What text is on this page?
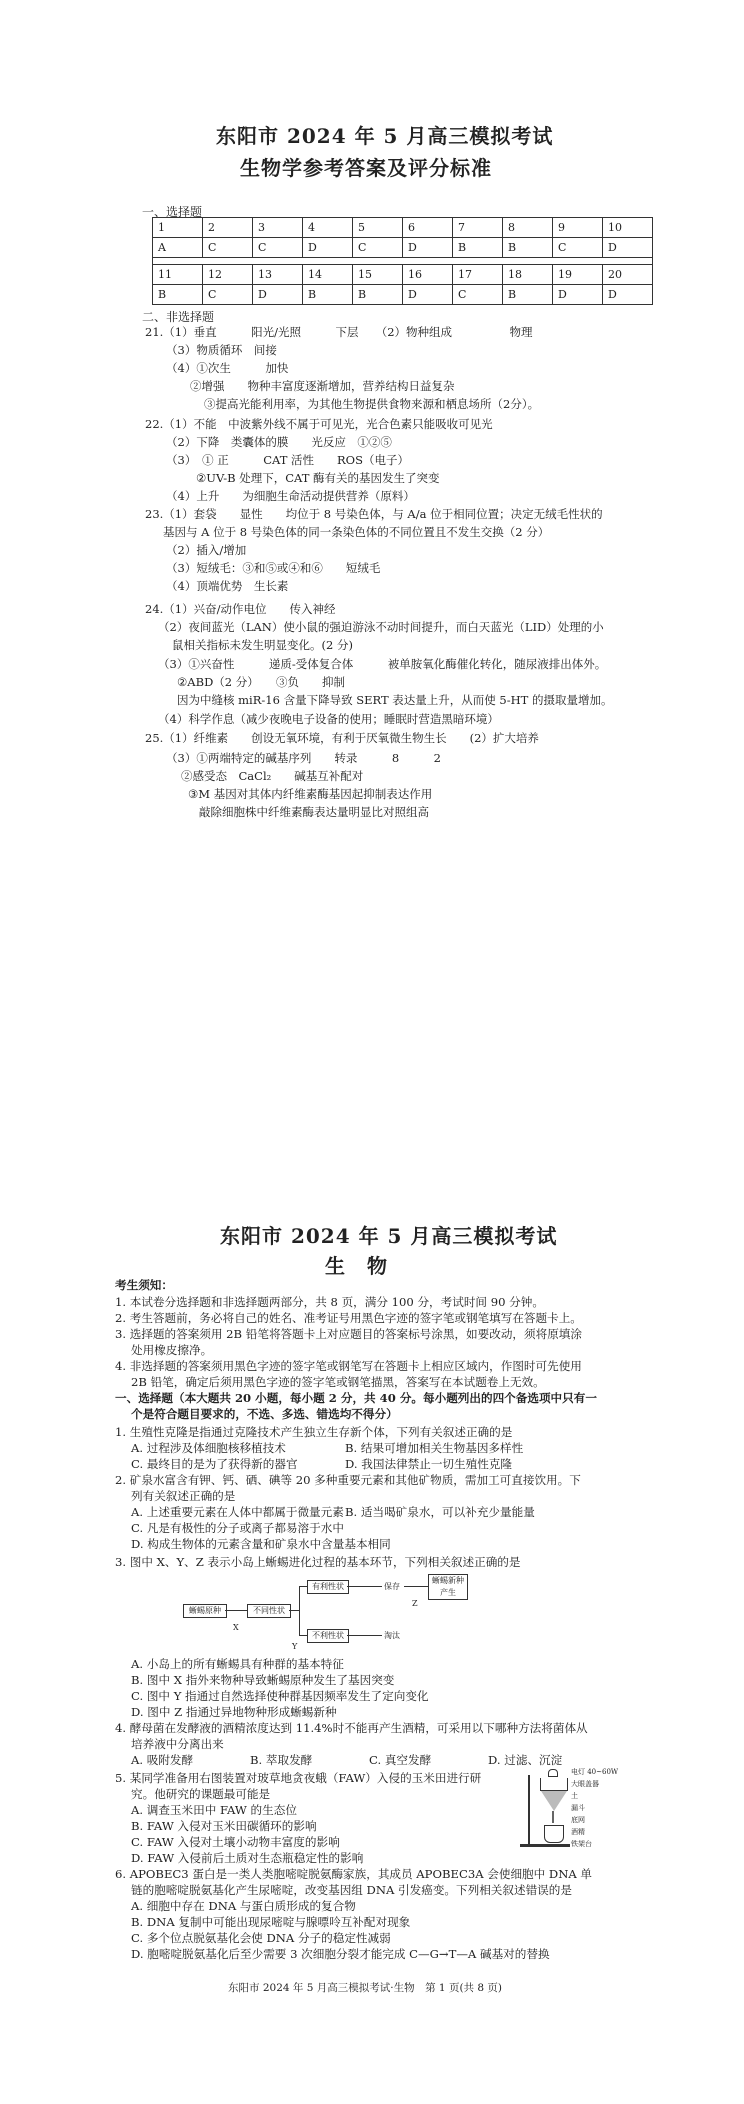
东阳市 2024 年 5 月高三模拟考试
生物学参考答案及评分标准
一、选择题
1	2	3	4	5	6	7	8	9	10
A	C	C	D	C	D	B	B	C	D

11	12	13	14	15	16	17	18	19	20
B	C	D	B	B	D	C	B	D	D
二、非选择题
21.（1）垂直　　　阳光/光照　　　下层　　（2）物种组成　　　　　物理
（3）物质循环　间接
（4）①次生　　　加快
②增强　　物种丰富度逐渐增加，营养结构日益复杂
③提高光能利用率，为其他生物提供食物来源和栖息场所（2分）。
22.（1）不能　中波紫外线不属于可见光，光合色素只能吸收可见光
（2）下降　类囊体的膜　　光反应　①②⑤
（3）　① 正　　　CAT 活性　　ROS（电子）
②UV-B 处理下，CAT 酶有关的基因发生了突变
（4）上升　　为细胞生命活动提供营养（原料）
23.（1）套袋　　显性　　均位于 8 号染色体，与 A/a 位于相同位置；决定无绒毛性状的
基因与 A 位于 8 号染色体的同一条染色体的不同位置且不发生交换（2 分）
（2）插入/增加
（3）短绒毛：③和⑤或④和⑥　　短绒毛
（4）顶端优势　生长素
24.（1）兴奋/动作电位　　传入神经
（2）夜间蓝光（LAN）使小鼠的强迫游泳不动时间提升，而白天蓝光（LID）处理的小
鼠相关指标未发生明显变化。(2 分)
（3）①兴奋性　　　递质-受体复合体　　　被单胺氧化酶催化转化，随尿液排出体外。
②ABD（2 分）　　③负　　抑制
因为中缝核 miR-16 含量下降导致 SERT 表达量上升，从而使 5-HT 的摄取量增加。
（4）科学作息（减少夜晚电子设备的使用；睡眠时营造黑暗环境）
25.（1）纤维素　　创设无氧环境，有利于厌氧微生物生长　　(2）扩大培养
（3）①两端特定的碱基序列　　转录　　　8　　　2
②感受态　CaCl₂　　碱基互补配对
③M 基因对其体内纤维素酶基因起抑制表达作用
敲除细胞株中纤维素酶表达量明显比对照组高
东阳市 2024 年 5 月高三模拟考试
生　物
考生须知：
1. 本试卷分选择题和非选择题两部分，共 8 页，满分 100 分，考试时间 90 分钟。
2. 考生答题前，务必将自己的姓名、准考证号用黑色字迹的签字笔或钢笔填写在答题卡上。
3. 选择题的答案须用 2B 铅笔将答题卡上对应题目的答案标号涂黑，如要改动，须将原填涂
处用橡皮擦净。
4. 非选择题的答案须用黑色字迹的签字笔或钢笔写在答题卡上相应区域内，作图时可先使用
2B 铅笔，确定后须用黑色字迹的签字笔或钢笔描黑，答案写在本试题卷上无效。
一、选择题（本大题共 20 小题，每小题 2 分，共 40 分。每小题列出的四个备选项中只有一
个是符合题目要求的，不选、多选、错选均不得分）
1. 生殖性克隆是指通过克隆技术产生独立生存新个体，下列有关叙述正确的是
A. 过程涉及体细胞核移植技术	B. 结果可增加相关生物基因多样性
C. 最终目的是为了获得新的器官	D. 我国法律禁止一切生殖性克隆
2. 矿泉水富含有钾、钙、硒、碘等 20 多种重要元素和其他矿物质，需加工可直接饮用。下
列有关叙述正确的是
A. 上述重要元素在人体中都属于微量元素 B. 适当喝矿泉水，可以补充少量能量
C. 凡是有极性的分子或离子都易溶于水中
D. 构成生物体的元素含量和矿泉水中含量基本相同
3. 图中 X、Y、Z 表示小岛上蜥蜴进化过程的基本环节，下列相关叙述正确的是
蜥蜴原种	不同性状
有利性状
不利性状
保存
淘汰
蜥蜴新种产生
X
Y
Z
A. 小岛上的所有蜥蜴具有种群的基本特征
B. 图中 X 指外来物种导致蜥蜴原种发生了基因突变
C. 图中 Y 指通过自然选择使种群基因频率发生了定向变化
D. 图中 Z 指通过异地物种形成蜥蜴新种
4. 酵母菌在发酵液的酒精浓度达到 11.4%时不能再产生酒精，可采用以下哪种方法将菌体从
培养液中分离出来
A. 吸附发酵	B. 萃取发酵	C. 真空发酵	D. 过滤、沉淀
5. 某同学准备用右图装置对玻草地贪夜蛾（FAW）入侵的玉米田进行研
究。他研究的课题最可能是
A. 调查玉米田中 FAW 的生态位
B. FAW 入侵对玉米田碳循环的影响
C. FAW 入侵对土壤小动物丰富度的影响
D. FAW 入侵前后土质对生态瓶稳定性的影响
6. APOBEC3 蛋白是一类人类胞嘧啶脱氨酶家族，其成员 APOBEC3A 会使细胞中 DNA 单
链的胞嘧啶脱氨基化产生尿嘧啶，改变基因组 DNA 引发癌变。下列相关叙述错误的是
A. 细胞中存在 DNA 与蛋白质形成的复合物
B. DNA 复制中可能出现尿嘧啶与腺嘌呤互补配对现象
C. 多个位点脱氨基化会使 DNA 分子的稳定性减弱
D. 胞嘧啶脱氨基化后至少需要 3 次细胞分裂才能完成 C—G→T—A 碱基对的替换
电灯 40~60W
大眼盖器
土
漏斗
底网
酒精
铁架台
东阳市 2024 年 5 月高三模拟考试·生物　第 1 页(共 8 页)
